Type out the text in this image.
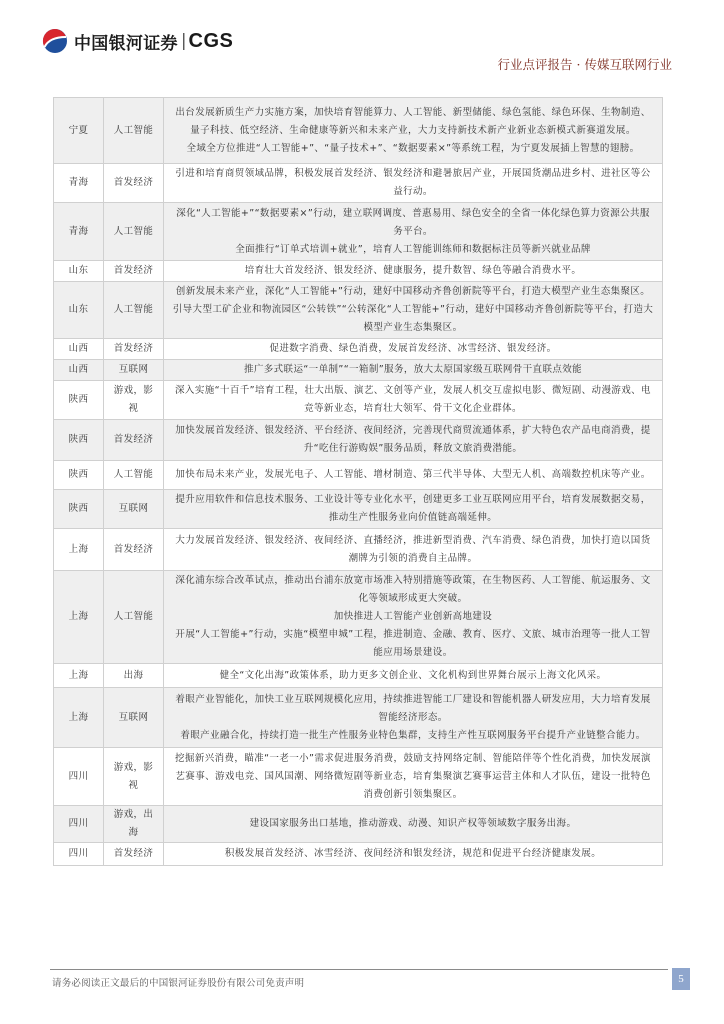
中国银河证券 | CGS
行业点评报告 · 传媒互联网行业
宁夏	人工智能	出台发展新质生产力实施方案，加快培育智能算力、人工智能、新型储能、绿色氢能、绿色环保、生物制造、量子科技、低空经济、生命健康等新兴和未来产业，大力支持新技术新产业新业态新模式新赛道发展。

全域全方位推进“人工智能+”、“量子技术+”、“数据要素×”等系统工程，为宁夏发展插上智慧的翅膀。

青海	首发经济	引进和培育商贸领域品牌，积极发展首发经济、银发经济和避暑旅居产业，开展国货潮品进乡村、进社区等公益行动。

青海	人工智能	深化“人工智能+”“数据要素×”行动，建立联网调度、普惠易用、绿色安全的全省一体化绿色算力资源公共服务平台。

全面推行“订单式培训+就业”，培育人工智能训练师和数据标注员等新兴就业品牌

山东	首发经济	培育壮大首发经济、银发经济、健康服务，提升数智、绿色等融合消费水平。

山东	人工智能	创新发展未来产业，深化“人工智能+”行动，建好中国移动齐鲁创新院等平台，打造大模型产业生态集聚区。

引导大型工矿企业和物流园区“公转铁”“公转深化“人工智能+”行动，建好中国移动齐鲁创新院等平台，打造大模型产业生态集聚区。

山西	首发经济	促进数字消费、绿色消费，发展首发经济、冰雪经济、银发经济。

山西	互联网	推广多式联运“一单制”“一箱制”服务，放大太原国家级互联网骨干直联点效能

陕西	游戏，影视	深入实施“十百千”培育工程，壮大出版、演艺、文创等产业，发展人机交互虚拟电影、微短剧、动漫游戏、电竞等新业态，培育壮大领军、骨干文化企业群体。

陕西	首发经济	加快发展首发经济、银发经济、平台经济、夜间经济，完善现代商贸流通体系，扩大特色农产品电商消费，提升“吃住行游购娱”服务品质，释放文旅消费潜能。

陕西	人工智能	加快布局未来产业，发展光电子、人工智能、增材制造、第三代半导体、大型无人机、高端数控机床等产业。

陕西	互联网	提升应用软件和信息技术服务、工业设计等专业化水平，创建更多工业互联网应用平台，培育发展数据交易，推动生产性服务业向价值链高端延伸。

上海	首发经济	大力发展首发经济、银发经济、夜间经济、直播经济，推进新型消费、汽车消费、绿色消费，加快打造以国货潮牌为引领的消费自主品牌。

上海	人工智能	深化浦东综合改革试点，推动出台浦东放宽市场准入特别措施等政策，在生物医药、人工智能、航运服务、文化等领域形成更大突破。

加快推进人工智能产业创新高地建设

开展“人工智能+”行动，实施“模塑申城”工程，推进制造、金融、教育、医疗、文旅、城市治理等一批人工智能应用场景建设。

上海	出海	健全“文化出海”政策体系，助力更多文创企业、文化机构到世界舞台展示上海文化风采。

上海	互联网	着眼产业智能化，加快工业互联网规模化应用，持续推进智能工厂建设和智能机器人研发应用，大力培育发展智能经济形态。

着眼产业融合化，持续打造一批生产性服务业特色集群，支持生产性互联网服务平台提升产业链整合能力。

四川	游戏，影视	挖掘新兴消费，瞄准“一老一小”需求促进服务消费，鼓励支持网络定制、智能陪伴等个性化消费，加快发展演艺赛事、游戏电竞、国风国潮、网络微短剧等新业态，培育集聚演艺赛事运营主体和人才队伍，建设一批特色消费创新引领集聚区。

四川	游戏，出海	建设国家服务出口基地，推动游戏、动漫、知识产权等领域数字服务出海。

四川	首发经济	积极发展首发经济、冰雪经济、夜间经济和银发经济，规范和促进平台经济健康发展。

请务必阅读正文最后的中国银河证券股份有限公司免责声明	5
